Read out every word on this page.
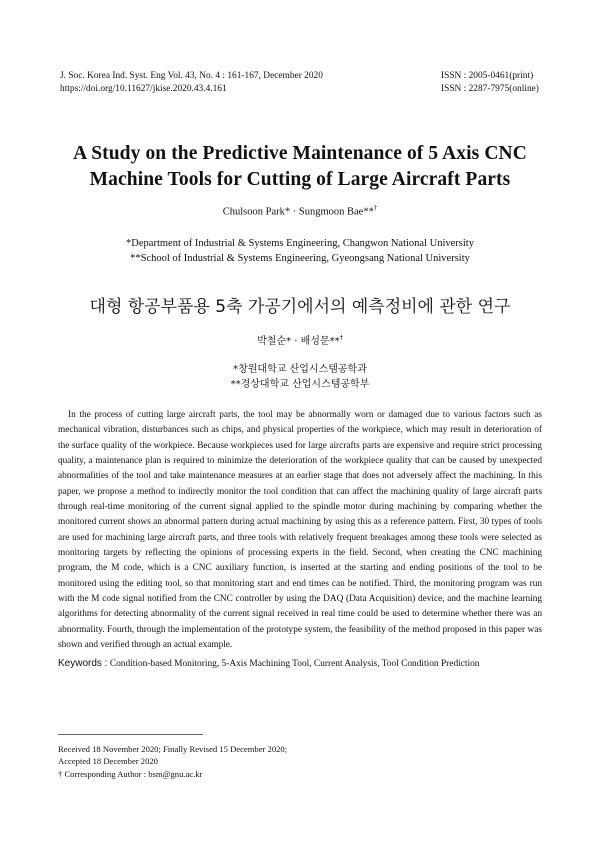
J. Soc. Korea Ind. Syst. Eng Vol. 43, No. 4 : 161-167, December 2020
https://doi.org/10.11627/jkise.2020.43.4.161
ISSN : 2005-0461(print)
ISSN : 2287-7975(online)
A Study on the Predictive Maintenance of 5 Axis CNC
Machine Tools for Cutting of Large Aircraft Parts
Chulsoon Park* · Sungmoon Bae**†
*Department of Industrial & Systems Engineering, Changwon National University
**School of Industrial & Systems Engineering, Gyeongsang National University
대형 항공부품용 5축 가공기에서의 예측정비에 관한 연구
박철순* · 배성문**†
*창원대학교 산업시스템공학과
**경상대학교 산업시스템공학부

In the process of cutting large aircraft parts, the tool may be abnormally worn or damaged due to various factors such as mechanical vibration, disturbances such as chips, and physical properties of the workpiece, which may result in deterioration of the surface quality of the workpiece. Because workpieces used for large aircrafts parts are expensive and require strict processing quality, a maintenance plan is required to minimize the deterioration of the workpiece quality that can be caused by unexpected abnormalities of the tool and take maintenance measures at an earlier stage that does not adversely affect the machining. In this paper, we propose a method to indirectly monitor the tool condition that can affect the machining quality of large aircraft parts through real-time monitoring of the current signal applied to the spindle motor during machining by comparing whether the monitored current shows an abnormal pattern during actual machining by using this as a reference pattern. First, 30 types of tools are used for machining large aircraft parts, and three tools with relatively frequent breakages among these tools were selected as monitoring targets by reflecting the opinions of processing experts in the field. Second, when creating the CNC machining program, the M code, which is a CNC auxiliary function, is inserted at the starting and ending positions of the tool to be monitored using the editing tool, so that monitoring start and end times can be notified. Third, the monitoring program was run with the M code signal notified from the CNC controller by using the DAQ (Data Acquisition) device, and the machine learning algorithms for detecting abnormality of the current signal received in real time could be used to determine whether there was an abnormality. Fourth, through the implementation of the prototype system, the feasibility of the method proposed in this paper was shown and verified through an actual example.

Keywords : Condition-based Monitoring, 5-Axis Machining Tool, Current Analysis, Tool Condition Prediction
Received 18 November 2020; Finally Revised 15 December 2020;
Accepted 18 December 2020
† Corresponding Author : bsm@gnu.ac.kr
